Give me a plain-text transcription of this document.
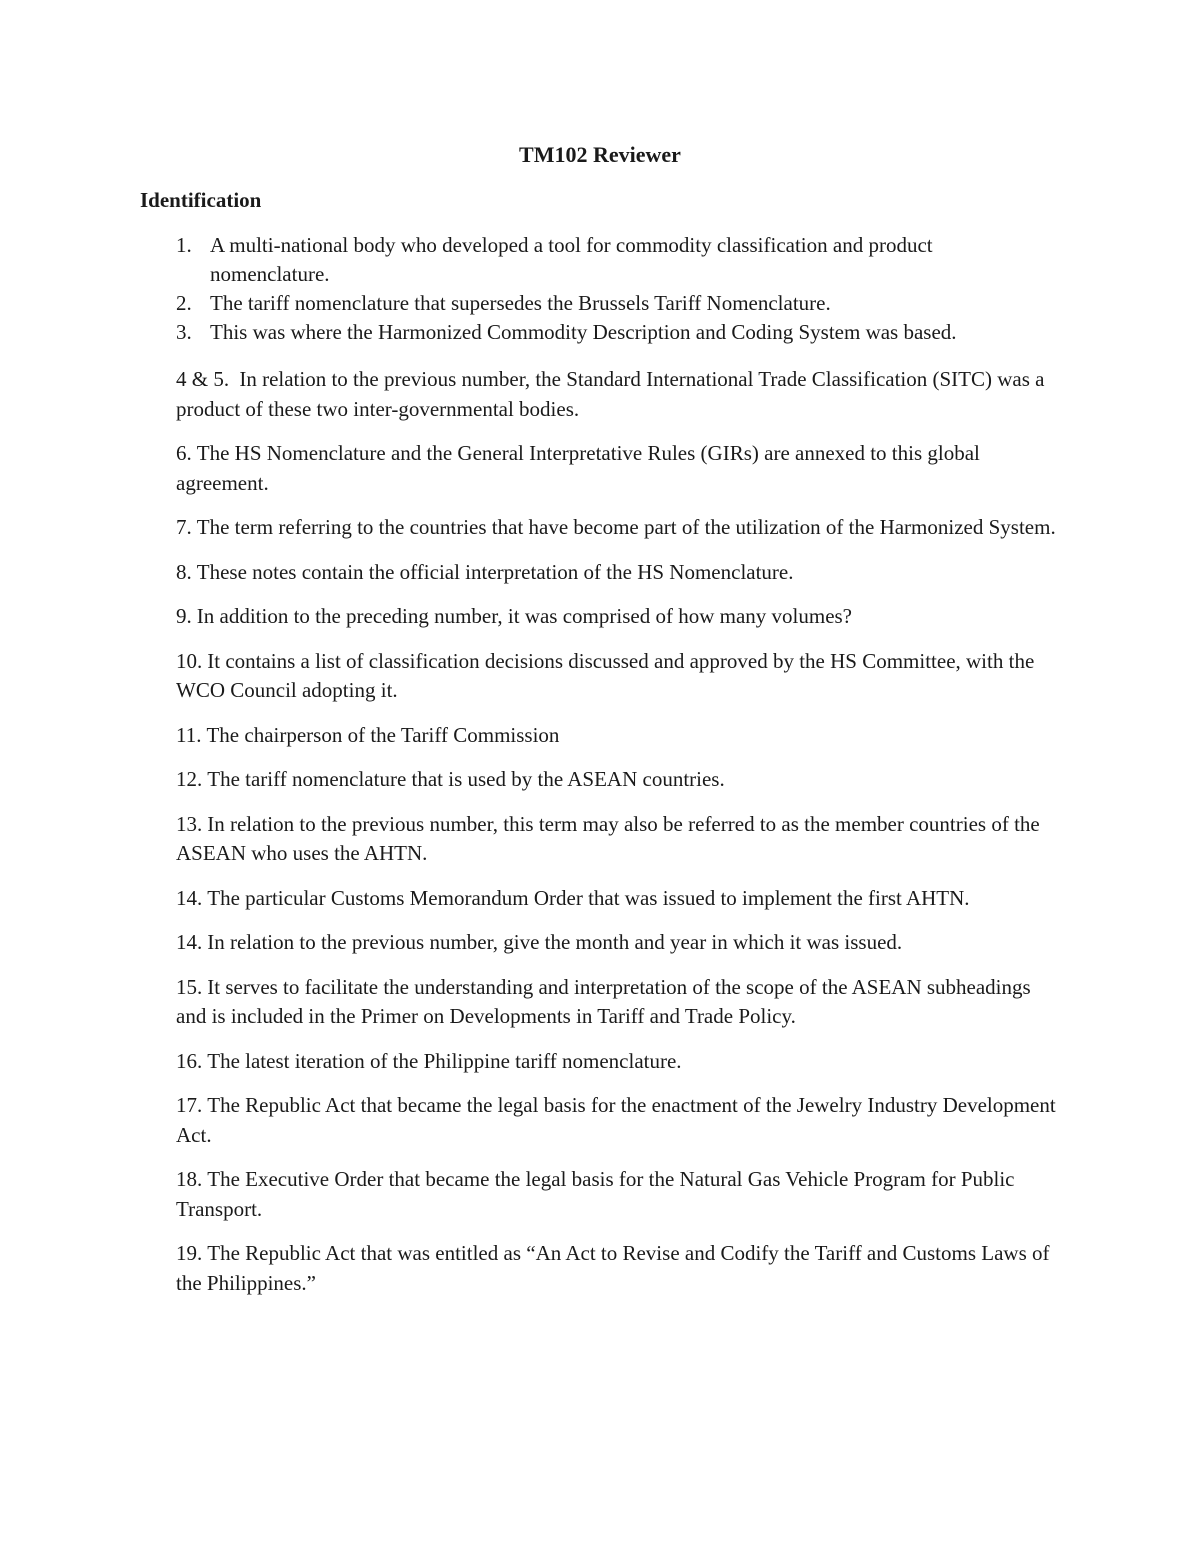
TM102 Reviewer
Identification
1. A multi-national body who developed a tool for commodity classification and product nomenclature.
2. The tariff nomenclature that supersedes the Brussels Tariff Nomenclature.
3. This was where the Harmonized Commodity Description and Coding System was based.

4 & 5. In relation to the previous number, the Standard International Trade Classification (SITC) was a product of these two inter-governmental bodies.

6. The HS Nomenclature and the General Interpretative Rules (GIRs) are annexed to this global agreement.

7. The term referring to the countries that have become part of the utilization of the Harmonized System.

8. These notes contain the official interpretation of the HS Nomenclature.

9. In addition to the preceding number, it was comprised of how many volumes?

10. It contains a list of classification decisions discussed and approved by the HS Committee, with theWCO Council adopting it.

11. The chairperson of the Tariff Commission

12. The tariff nomenclature that is used by the ASEAN countries.

13. In relation to the previous number, this term may also be referred to as the member countries of the ASEAN who uses the AHTN.

14. The particular Customs Memorandum Order that was issued to implement the first AHTN.

14. In relation to the previous number, give the month and year in which it was issued.

15. It serves to facilitate the understanding and interpretation of the scope of the ASEAN subheadings and is included in the Primer on Developments in Tariff and Trade Policy.

16. The latest iteration of the Philippine tariff nomenclature.

17. The Republic Act that became the legal basis for the enactment of the Jewelry Industry Development Act.

18. The Executive Order that became the legal basis for the Natural Gas Vehicle Program for Public Transport.

19. The Republic Act that was entitled as “An Act to Revise and Codify the Tariff and Customs Laws of the Philippines.”
